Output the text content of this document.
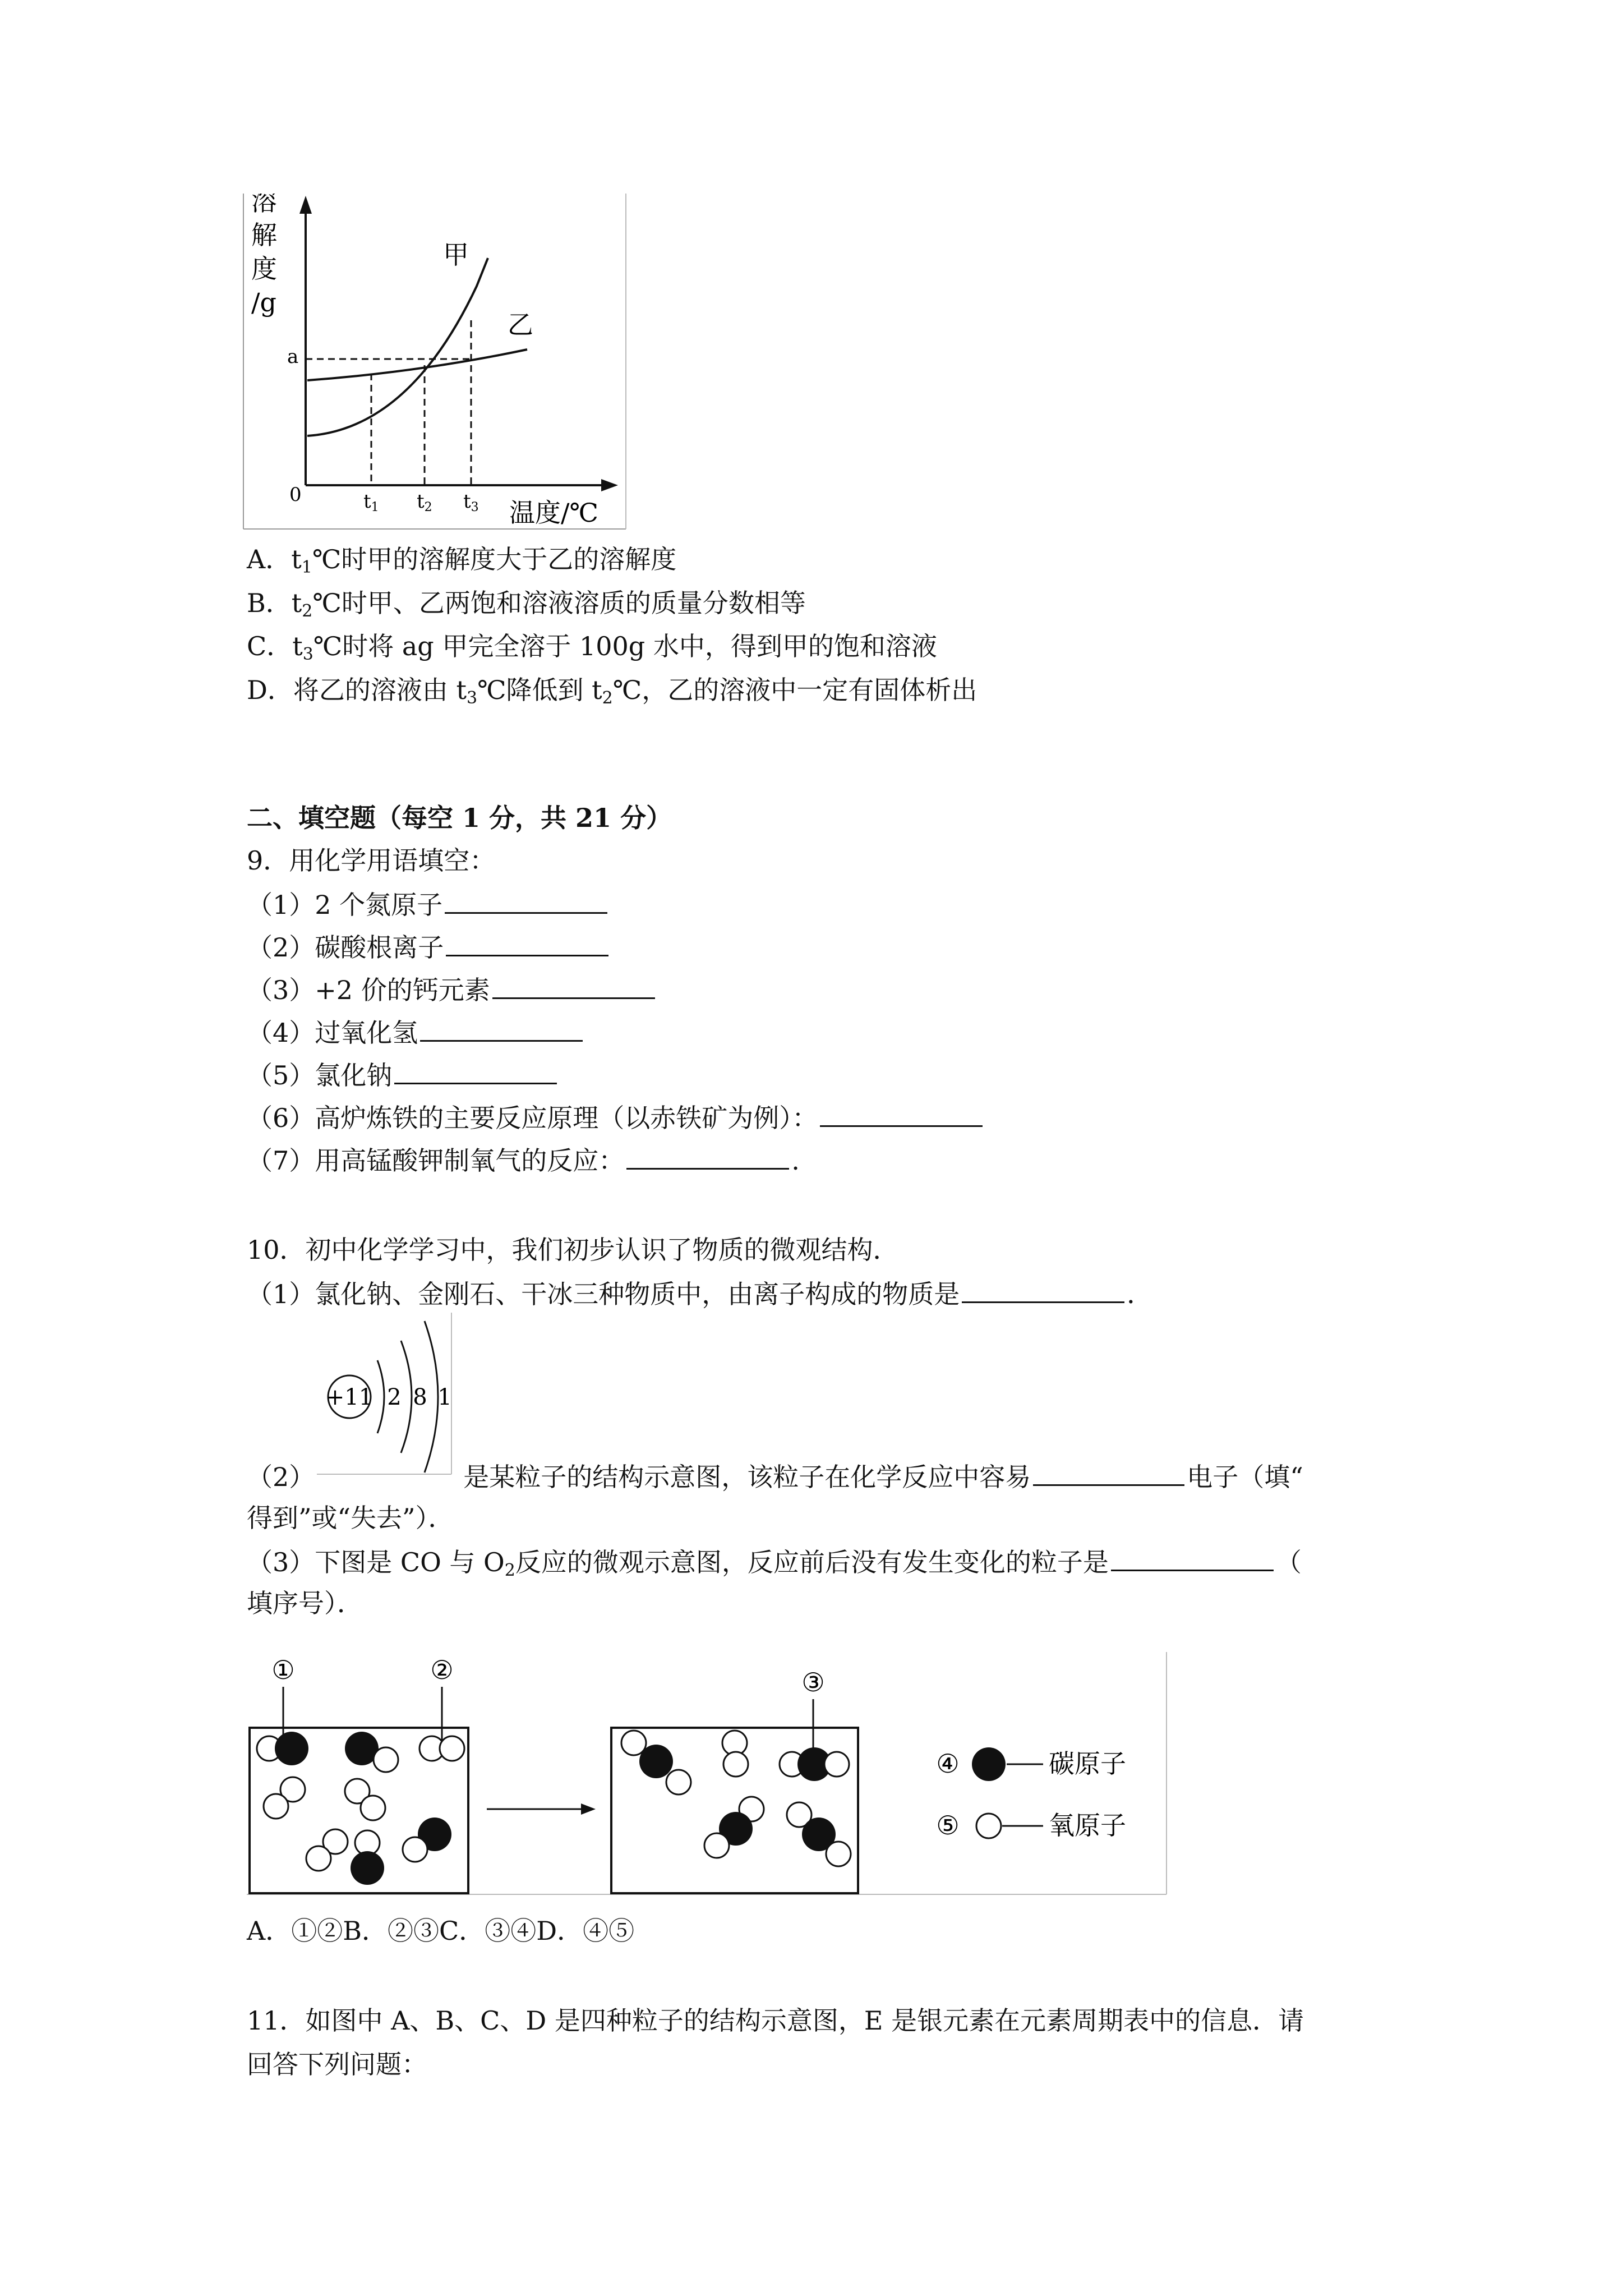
溶
解
度
/g
a
0
甲
乙
t1 t2 t3 温度/℃
A．$t_1℃$时甲的溶解度大于乙的溶解度
B．$t_2℃$时甲、乙两饱和溶液溶质的质量分数相等
C．$t_3℃$时将 ag 甲完全溶于 100g 水中，得到甲的饱和溶液
D．将乙的溶液由 $t_3℃$降低到 $t_2℃$，乙的溶液中一定有固体析出
二、填空题（每空 1 分，共 21 分）
9．用化学用语填空：
（1）2 个氮原子
（2）碳酸根离子
（3）+2 价的钙元素
（4）过氧化氢
（5）氯化钠
（6）高炉炼铁的主要反应原理（以赤铁矿为例）：
（7）用高锰酸钾制氧气的反应：	.
10．初中化学学习中，我们初步认识了物质的微观结构．
（1）氯化钠、金刚石、干冰三种物质中，由离子构成的物质是	．
+11 2 8 1
（2）	是某粒子的结构示意图，该粒子在化学反应中容易	电子（填“
得到”或“失去”）．
（3）下图是 CO 与 $O_2$反应的微观示意图，反应前后没有发生变化的粒子是	（
填序号）．
①	②	③
④	碳原子
⑤	氧原子
A．①②B．②③C．③④D．④⑤
11．如图中 A、B、C、D 是四种粒子的结构示意图，E 是银元素在元素周期表中的信息．请
回答下列问题：
